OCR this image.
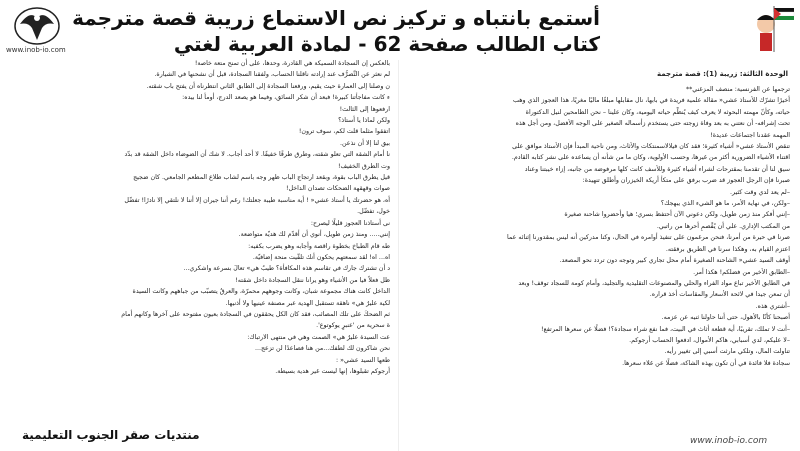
www.inob-io.com
أستمع بانتباه و تركيز نص الاستماع زريبة قصة مترجمة
كتاب الطالب صفحة 62 - لمادة العربية لغتي

بالعكس إن السجادة السميكة هي القادرة، وحدها، على أن تمنح متعة خاصة!

لم نعثر عن التَّصرُّف عند إرادته ناقلنا الحساب، ولفقنا السجادة، قبل أن نشحنها في الشيارة.

ن وصلنا إلى العمارة حيث يقيم، ورفعنا السجادة إلى الطابق الثاني انتظرناه أن يفتح باب شقته.

ء كانت مفاجأتنا كبيرة! فبعد أن شكر السائق، وفيما هو يصعد الدرج، أومأ لنا بيده:

ارفعوها إلى الثالث!

ولكن لماذا يا أستاذ؟

اتفقوا مثلما قلت لكم، سوف ترون!

بيق لنا إلا أن نذعن.

نا أمام الشقة التي تعلو شقته، وطرق طرقًا خفيفًا. لا أحد أجاب. لا شك أن الضوضاء داخل الشقة قد بدّد

وت الطرق الخفيف!

قيل يطرق الباب بقوة، وبقعد ارتجاج الباب ظهر وجه باسم لشاب طلاع المطعم الجامعي. كان ضجيج

صوات وقهقهة الضحكات تصدان الداخل!

أه، هو حضرتك يا أستاذ عشي« ! أية مناسبة طيبة جعلتك! رغم أننا جيران إلا أننا لا نلتقي إلا نادرًا! تفضّل

خول، تفضّل.

نى أستاذنا العجوز قليلًا ليصرح:

إنني..... ومنذ زمن طويل، أنوي أن أقدّم لك هديّة متواضعة.

طه قام الطباخ بخطوة راقصة وأجابه وهو يضرب بكفيه:

اه... اه! لقد سمعتهم يحكون أنك تلقّيت منحة إضافيّة.

د أن تشترك جارك في تقاسم هذه المكافأة؟ طيبٌ هي» تعالَ بسرعة واشكري...

ظل فعلاً فيا من الأشياء وهو يرانا ننقل السجادة داخل شقته!

الداخل كانت هناك مجموعة شبان، وكانت وجوههم محمرّة، والعرقُ يتصبّب من جباههم وكانت السيدة

لكية عليرٌ هي» ناهقة تستقبل الهدية عبر مصنفة عينيها ولا أذنيها.

ثم الضحكَ على تلك المصائب، فقد كان الكل يحققون في السجادة بعيون مفتوحة على آخرها وكانهم أمام

ة سحرية من 'عنبرٍ يوكوتوع'.

عت السيدة عليرٌ هي» الصمت وهي في منتهى الارتباك:

نحن شاكرون لك لطفك...من هنا فصاعدًا لن تزعج...

طعها السيد عشي« :

أرجوكم تقبلوها، إنها ليست غير هدية بسيطة.

الوحدة الثالثة: زريبة (1): قصة مترجمة

ترجمها عن الفرنسية: منصف المزغني**

أخيرًا تشرّك للأستاذ عشي« مقالة علمية فريدة في بابها، نال مقابلها مبلغًا ماليًا مغريًا، هذا العجوز الذي وهب

حياته، وكأنّ مهمته البحوثه لا يعرف كيف يُنظِّم حياته اليومية، وكان علينا – نحن الطامحين لنيل الدكتوراة

تحت إشرافه- أن نعتني به بعد وفاة زوجته حتى يستخدم زأسماله الصغير على الوجه الأفضل، ومن أجل هذه

المهمة عقدنا اجتماعات عديدة!

تنقص الأستاذ عشي« أشياء كثيرة؛ فقد كان فيلالاسمنتكات والأثاث، ومن ناحية المبدأ فإن الأستاذ موافق على

اقتناء الأشياء الضرورية أكثر من غيرها، وحسب الأولوية، وكان ما من شأنه أن يساعده على نشر كتابه القادم.

سيق لنا أن تقدمنا بمقترحات لشراء أشياء كثيرة وللأسف كانت كلها مرفوضة من جانبه، إزاء خيبتنا وعناد

صبرنا فإن الرجل العجوز قد ضرب برفق على متكأ أريكة الخيزران وأطلق تنهيدة:

–لم يعد لدي وقت كثير.

–ولكن، في نهاية الأمر، ما هو الشيء الذي يبهجك؟

–إنني أفكر منذ زمن طويل، ولكن دعوني الآن أحتفظ بسري؛ هيا وأحضروا شاحنة صغيرة

من المكتب الإداري. علي أن يُقْصمِ أحرها من راتبي.

صرنا في حيرة من أمرنا، فنحن مرغمون على تنفيذ أوامره في الحال، وكنا مدركين أنه ليس بمقدورنا إثنائه عما

اعتزم القيام به، وهكذا سرنا في الطريق برفقته.

أوقف السيد عشي« الشاحنة الصغيرة أمام محل تجاري كبير وتوجه دون تردد نحو المصعد.

–الطابق الأخير من فضلكم! هكذا أمر.

في الطابق الأخير تباع مواد الفراء والحلي والمصنوعات التقليدية والتجليد، وأمام كومة للسجاد توقف! وبعد

أن تمعن جيدا في لائحة الأسعار والمقاسات أخذ قراره.

–أشتري هذه.

أصبحنا كأنّا بالأهول، حتى أننا حاولنا ثنيه عن عزمه.

–أنت لا تملك، تقريبًا، أية قطعة أثاث في البيت، فما نفع شراء سجادة؟! فضلًا عن سعرها المرتفع!

–لا عليكم، لدي أسبابي، هاكم الأموال، ادفعوا الحساب أرجوكم.

تناولت المال، وتلكي مارثت أسبي إلى تغيير رأيه.

سجادة فلا فائدة في أن تكون بهذه الشاكة، فضلًا عن غلاء سعرها.

منتديات صقر الجنوب التعليمية	www.inob-io.com
